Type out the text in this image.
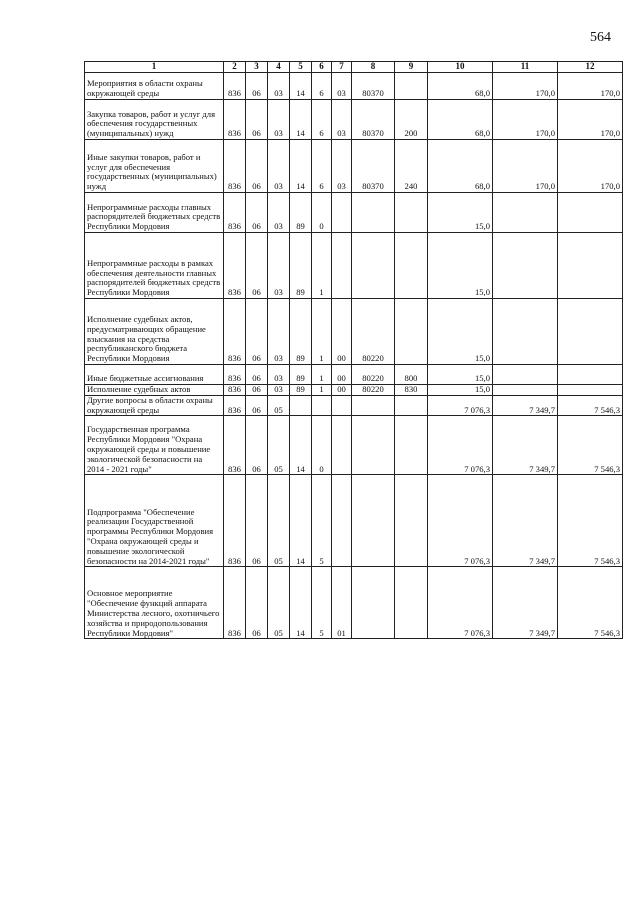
564
1	2	3	4	5	6	7	8	9	10	11	12
Мероприятия в области охраны окружающей среды	836	06	03	14	6	03	80370		68,0	170,0	170,0
Закупка товаров, работ и услуг для обеспечения государственных (муниципальных) нужд	836	06	03	14	6	03	80370	200	68,0	170,0	170,0
Иные закупки товаров, работ и услуг для обеспечения государственных (муниципальных) нужд	836	06	03	14	6	03	80370	240	68,0	170,0	170,0
Непрограммные расходы главных распорядителей бюджетных средств Республики Мордовия	836	06	03	89	0				15,0		
Непрограммные расходы в рамках обеспечения деятельности главных распорядителей бюджетных средств Республики Мордовия	836	06	03	89	1				15,0		
Исполнение судебных актов, предусматривающих обращение взыскания на средства республиканского бюджета Республики Мордовия	836	06	03	89	1	00	80220		15,0		
Иные бюджетные ассигнования	836	06	03	89	1	00	80220	800	15,0		
Исполнение судебных актов	836	06	03	89	1	00	80220	830	15,0		
Другие вопросы в области охраны окружающей среды	836	06	05						7 076,3	7 349,7	7 546,3
Государственная программа Республики Мордовия "Охрана окружающей среды и повышение экологической безопасности на 2014 - 2021 годы"	836	06	05	14	0				7 076,3	7 349,7	7 546,3
Подпрограмма "Обеспечение реализации Государственной программы Республики Мордовия "Охрана окружающей среды и повышение экологической безопасности на 2014-2021 годы"	836	06	05	14	5				7 076,3	7 349,7	7 546,3
Основное мероприятие "Обеспечение функций аппарата Министерства лесного, охотничьего хозяйства и природопользования Республики Мордовия"	836	06	05	14	5	01			7 076,3	7 349,7	7 546,3
